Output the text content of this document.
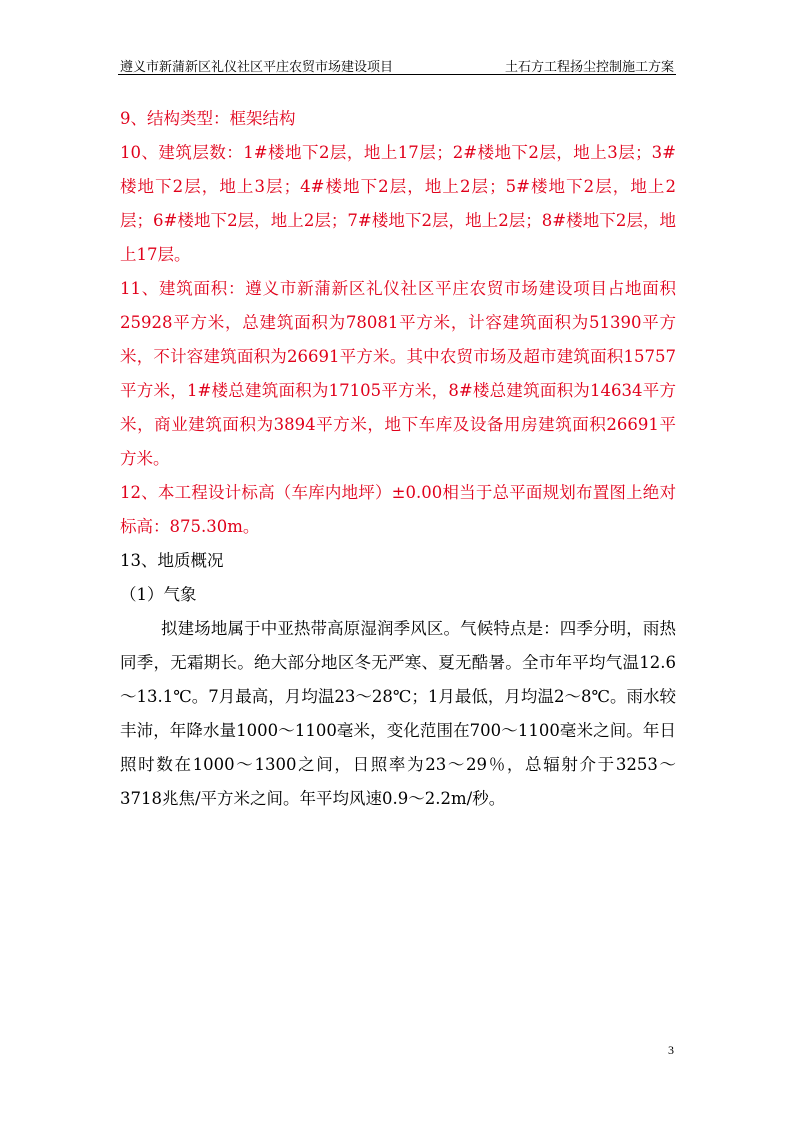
遵义市新蒲新区礼仪社区平庄农贸市场建设项目	土石方工程扬尘控制施工方案

9、结构类型：框架结构

10、建筑层数：1#楼地下2层，地上17层；2#楼地下2层，地上3层；3#楼地下2层，地上3层；4#楼地下2层，地上2层；5#楼地下2层，地上2层；6#楼地下2层，地上2层；7#楼地下2层，地上2层；8#楼地下2层，地上17层。

11、建筑面积：遵义市新蒲新区礼仪社区平庄农贸市场建设项目占地面积25928平方米，总建筑面积为78081平方米，计容建筑面积为51390平方米，不计容建筑面积为26691平方米。其中农贸市场及超市建筑面积15757平方米，1#楼总建筑面积为17105平方米，8#楼总建筑面积为14634平方米，商业建筑面积为3894平方米，地下车库及设备用房建筑面积26691平方米。

12、本工程设计标高（车库内地坪）±0.00相当于总平面规划布置图上绝对标高：875.30m。

13、地质概况

（1）气象

拟建场地属于中亚热带高原湿润季风区。气候特点是：四季分明，雨热同季，无霜期长。绝大部分地区冬无严寒、夏无酷暑。全市年平均气温12.6～13.1℃。7月最高，月均温23～28℃；1月最低，月均温2～8℃。雨水较丰沛，年降水量1000～1100毫米，变化范围在700～1100毫米之间。年日照时数在1000～1300之间，日照率为23～29％，总辐射介于3253～3718兆焦/平方米之间。年平均风速0.9～2.2m/秒。

3
